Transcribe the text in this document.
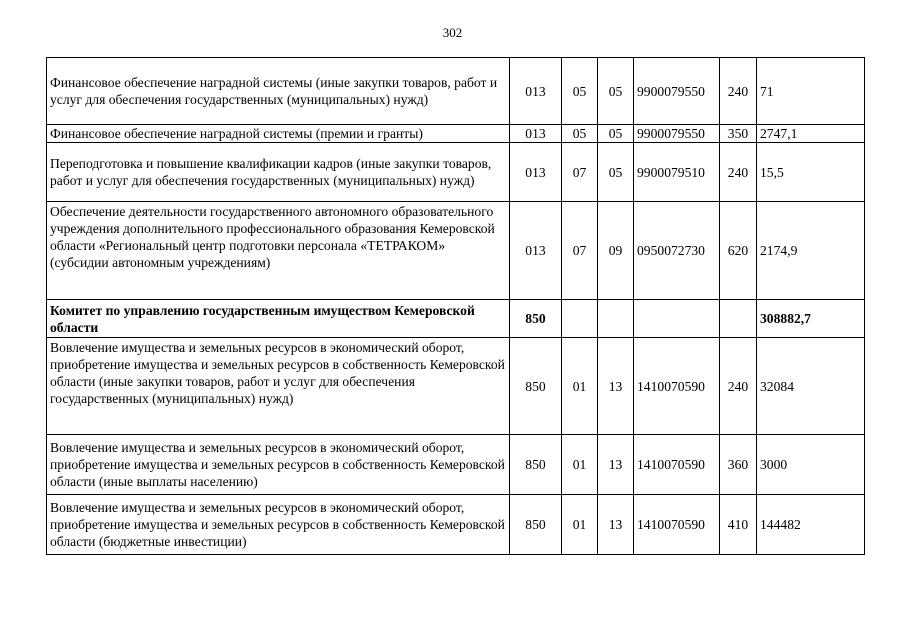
302
Финансовое обеспечение наградной системы (иные закупки товаров, работ и услуг для обеспечения государственных (муниципальных) нужд)	013	05	05	9900079550	240	71
Финансовое обеспечение наградной системы (премии и гранты)	013	05	05	9900079550	350	2747,1
Переподготовка и повышение квалификации кадров (иные закупки товаров, работ и услуг для обеспечения государственных (муниципальных) нужд)	013	07	05	9900079510	240	15,5
Обеспечение деятельности государственного автономного образовательного учреждения дополнительного профессионального образования Кемеровской области «Региональный центр подготовки персонала «ТЕТРАКОМ» (субсидии автономным учреждениям)	013	07	09	0950072730	620	2174,9
Комитет по управлению государственным имуществом Кемеровской области	850					308882,7
Вовлечение имущества и земельных ресурсов в экономический оборот, приобретение имущества и земельных ресурсов в собственность Кемеровской области (иные закупки товаров, работ и услуг для обеспечения государственных (муниципальных) нужд)	850	01	13	1410070590	240	32084
Вовлечение имущества и земельных ресурсов в экономический оборот, приобретение имущества и земельных ресурсов в собственность Кемеровской области (иные выплаты населению)	850	01	13	1410070590	360	3000
Вовлечение имущества и земельных ресурсов в экономический оборот, приобретение имущества и земельных ресурсов в собственность Кемеровской области (бюджетные инвестиции)	850	01	13	1410070590	410	144482
